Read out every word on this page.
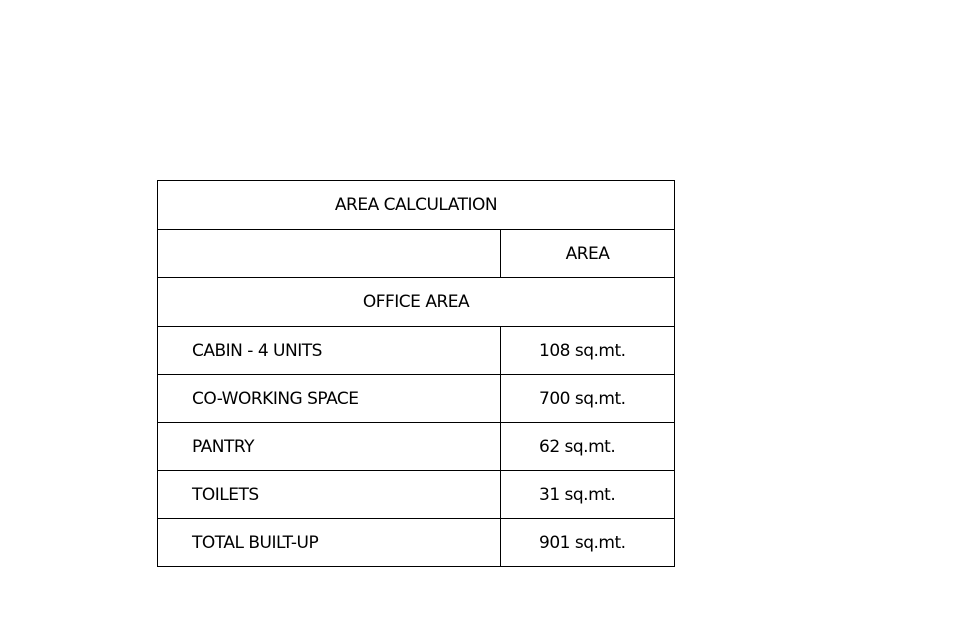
AREA CALCULATION	
	AREA
OFFICE AREA	
CABIN - 4 UNITS	108 sq.mt.
CO-WORKING SPACE	700 sq.mt.
PANTRY	62 sq.mt.
TOILETS	31 sq.mt.
TOTAL BUILT-UP	901 sq.mt.
